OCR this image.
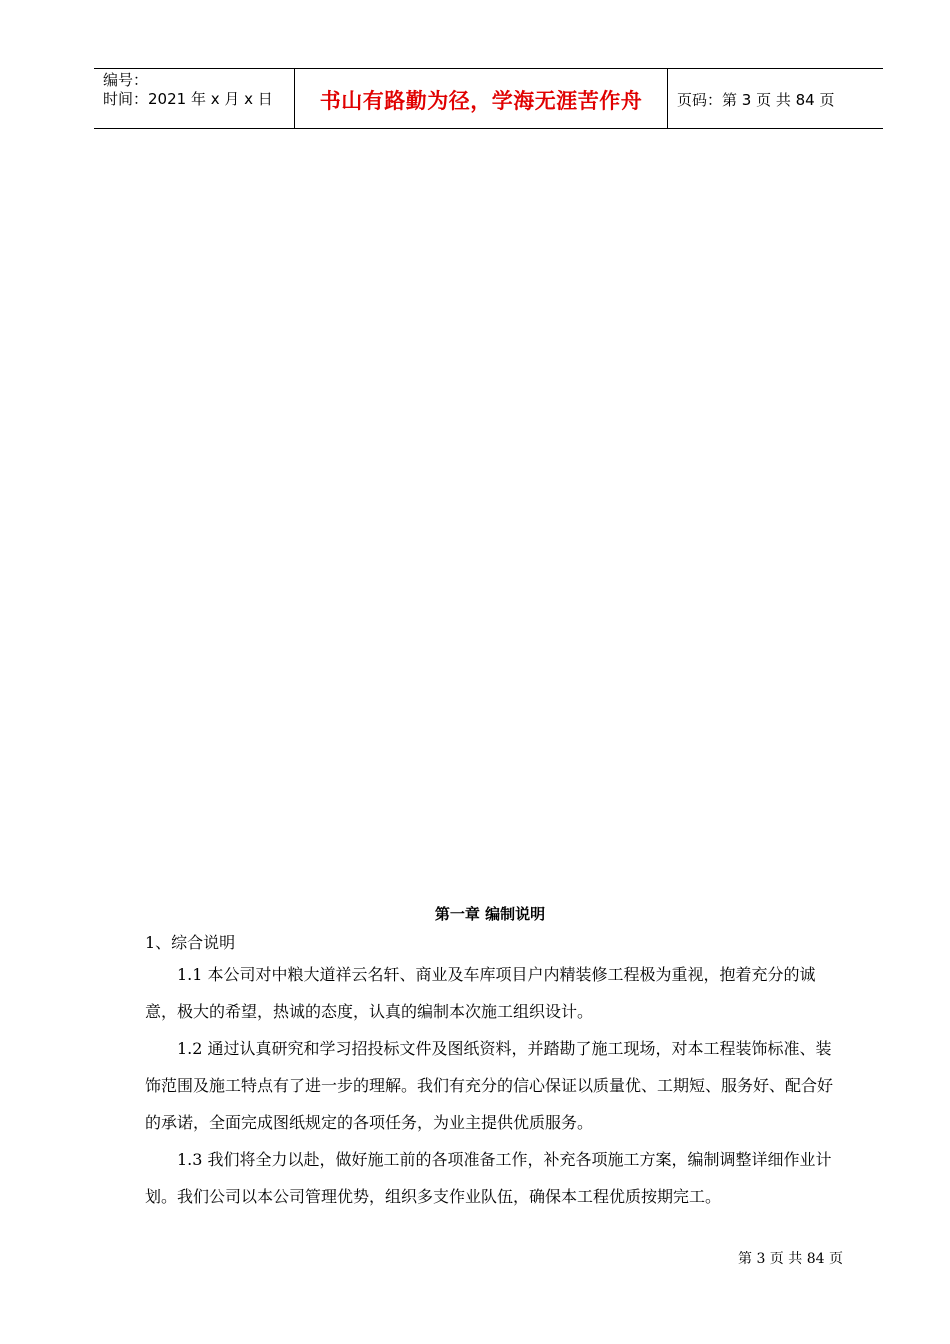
编号：
时间：2021 年 x 月 x 日	书山有路勤为径，学海无涯苦作舟	页码：第 3 页 共 84 页
第一章 编制说明
1、综合说明

1.1 本公司对中粮大道祥云名轩、商业及车库项目户内精装修工程极为重视，抱着充分的诚意，极大的希望，热诚的态度，认真的编制本次施工组织设计。

1.2 通过认真研究和学习招投标文件及图纸资料，并踏勘了施工现场，对本工程装饰标准、装饰范围及施工特点有了进一步的理解。我们有充分的信心保证以质量优、工期短、服务好、配合好的承诺，全面完成图纸规定的各项任务，为业主提供优质服务。

1.3 我们将全力以赴，做好施工前的各项准备工作，补充各项施工方案，编制调整详细作业计划。我们公司以本公司管理优势，组织多支作业队伍，确保本工程优质按期完工。

第 3 页 共 84 页
